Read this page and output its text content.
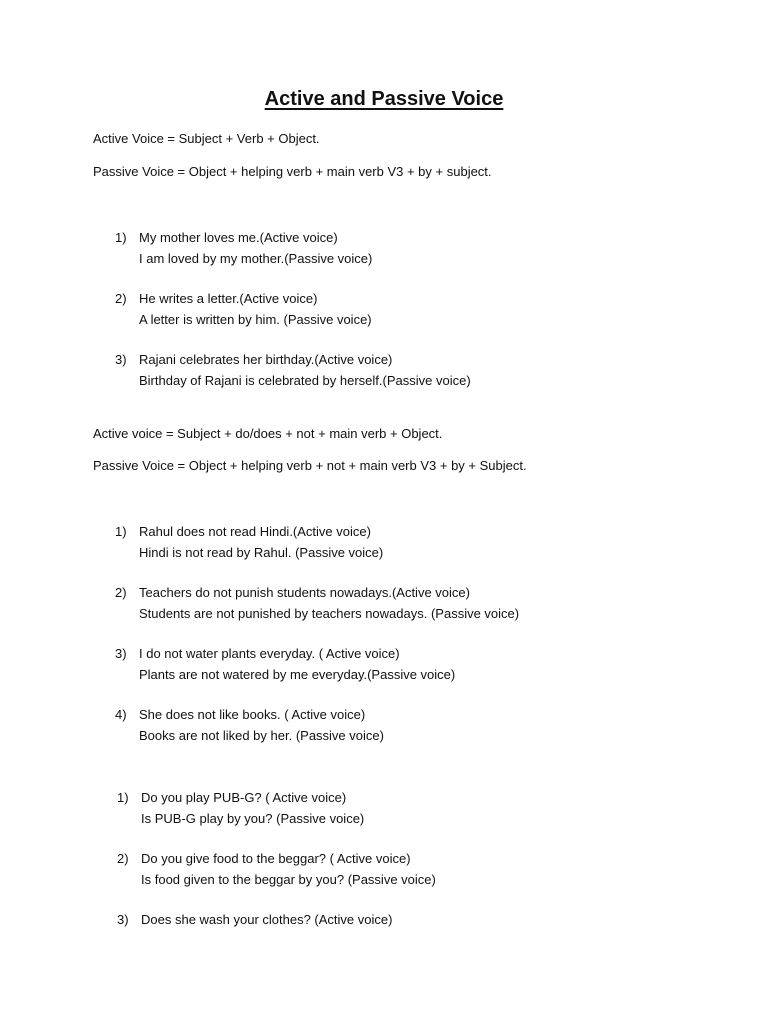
Active and Passive Voice
Active Voice = Subject + Verb + Object.
Passive Voice = Object + helping verb + main verb V3 + by + subject.
1) My mother loves me.(Active voice)
I am loved by my mother.(Passive voice)
2) He writes a letter.(Active voice)
A letter is written by him. (Passive voice)
3) Rajani celebrates her birthday.(Active voice)
Birthday of Rajani is celebrated by herself.(Passive voice)
Active voice = Subject + do/does + not + main verb + Object.
Passive Voice = Object + helping verb + not + main verb V3 + by + Subject.
1) Rahul does not read Hindi.(Active voice)
Hindi is not read by Rahul. (Passive voice)
2) Teachers do not punish students nowadays.(Active voice)
Students are not punished by teachers nowadays. (Passive voice)
3) I do not water plants everyday. ( Active voice)
Plants are not watered by me everyday.(Passive voice)
4) She does not like books. ( Active voice)
Books are not liked by her. (Passive voice)
1) Do you play PUB-G? ( Active voice)
Is PUB-G play by you? (Passive voice)
2) Do you give food to the beggar? ( Active voice)
Is food given to the beggar by you? (Passive voice)
3) Does she wash your clothes? (Active voice)
